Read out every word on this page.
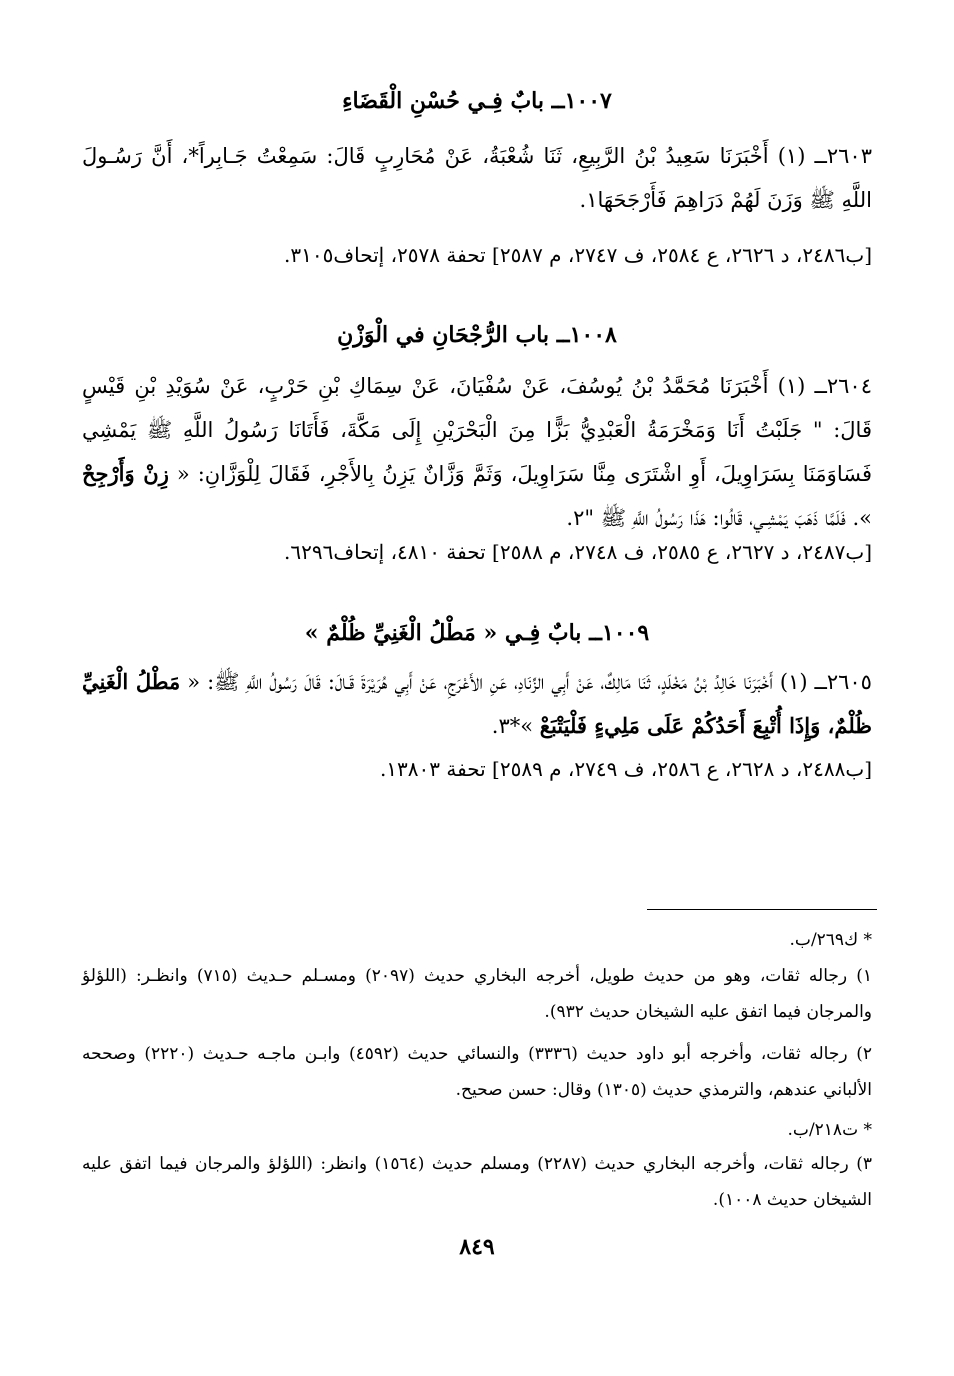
١٠٠٧ــ بابٌ فِـي حُسْنِ الْقَضَاءِ
٢٦٠٣ــ (١) أَخْبَرَنَا سَعِيدُ بْنُ الرَّبِيعِ، ثَنَا شُعْبَةُ، عَنْ مُحَارِبٍ قَالَ: سَمِعْتُ جَـابِراً*، أَنَّ رَسُـولَ اللَّهِ ﷺ وَزَنَ لَهُمْ دَرَاهِمَ فَأَرْجَحَهَا١.
[ب٢٤٨٦، د ٢٦٢٦، ع ٢٥٨٤، ف ٢٧٤٧، م ٢٥٨٧] تحفة ٢٥٧٨، إتحاف٣١٠٥.
١٠٠٨ــ باب الرُّجْحَانِ في الْوَزْنِ
٢٦٠٤ــ (١) أَخْبَرَنَا مُحَمَّدُ بْنُ يُوسُفَ، عَنْ سُفْيَانَ، عَنْ سِمَاكِ بْنِ حَرْبٍ، عَنْ سُوَيْدِ بْنِ قَيْسٍ قَالَ: " جَلَبْتُ أَنَا وَمَخْرَمَةُ الْعَبْدِيُّ بَزًّا مِنَ الْبَحْرَيْنِ إِلَى مَكَّةَ، فَأَتَانَا رَسُولُ اللَّهِ ﷺ يَمْشِي فَسَاوَمَنَا بِسَرَاوِيلَ، أَوِ اشْتَرَى مِنَّا سَرَاوِيلَ، وَثَمَّ وَزَّانٌ يَزِنُ بِالأَجْرِ، فَقَالَ لِلْوَزَّانِ: « زِنْ وَأَرْجِحْ ». فَلَمَّا ذَهَبَ يَمْشِـي، قَالُوا: هَذَا رَسُولُ اللَّهِ ﷺ "٢.
[ب٢٤٨٧، د ٢٦٢٧، ع ٢٥٨٥، ف ٢٧٤٨، م ٢٥٨٨] تحفة ٤٨١٠، إتحاف٦٢٩٦.
١٠٠٩ــ بابٌ فِـي « مَطْلُ الْغَنِيِّ ظُلْمٌ »
٢٦٠٥ــ (١) أَخْبَرَنَا خَالِدُ بْنُ مَخْلَدٍ، ثَنَا مَالِكٌ، عَنْ أَبِي الزِّنَادِ، عَنِ الأَعْرَجِ، عَنْ أَبِي هُرَيْرَةَ قَـالَ: قَالَ رَسُولُ اللَّهِ ﷺ: « مَطْلُ الْغَنِيِّ ظُلْمٌ، وَإِذَا أُتْبِعَ أَحَدُكُمْ عَلَى مَلِيءٍ فَلْيَتْبَعْ »*٣.
[ب٢٤٨٨، د ٢٦٢٨، ع ٢٥٨٦، ف ٢٧٤٩، م ٢٥٨٩] تحفة ١٣٨٠٣.
* ك٢٦٩/ب.
١) رجاله ثقات، وهو من حديث طويل، أخرجه البخاري حديث (٢٠٩٧) ومسـلم حـديث (٧١٥) وانظـر: (اللؤلؤ والمرجان فيما اتفق عليه الشيخان حديث ٩٣٢).
٢) رجاله ثقات، وأخرجه أبو داود حديث (٣٣٣٦) والنسائي حديث (٤٥٩٢) وابـن ماجـه حـديث (٢٢٢٠) وصححه الألباني عندهم، والترمذي حديث (١٣٠٥) وقال: حسن صحيح.
* ت٢١٨/ب.
٣) رجاله ثقات، وأخرجه البخاري حديث (٢٢٨٧) ومسلم حديث (١٥٦٤) وانظر: (اللؤلؤ والمرجان فيما اتفق عليه الشيخان حديث ١٠٠٨).
٨٤٩
